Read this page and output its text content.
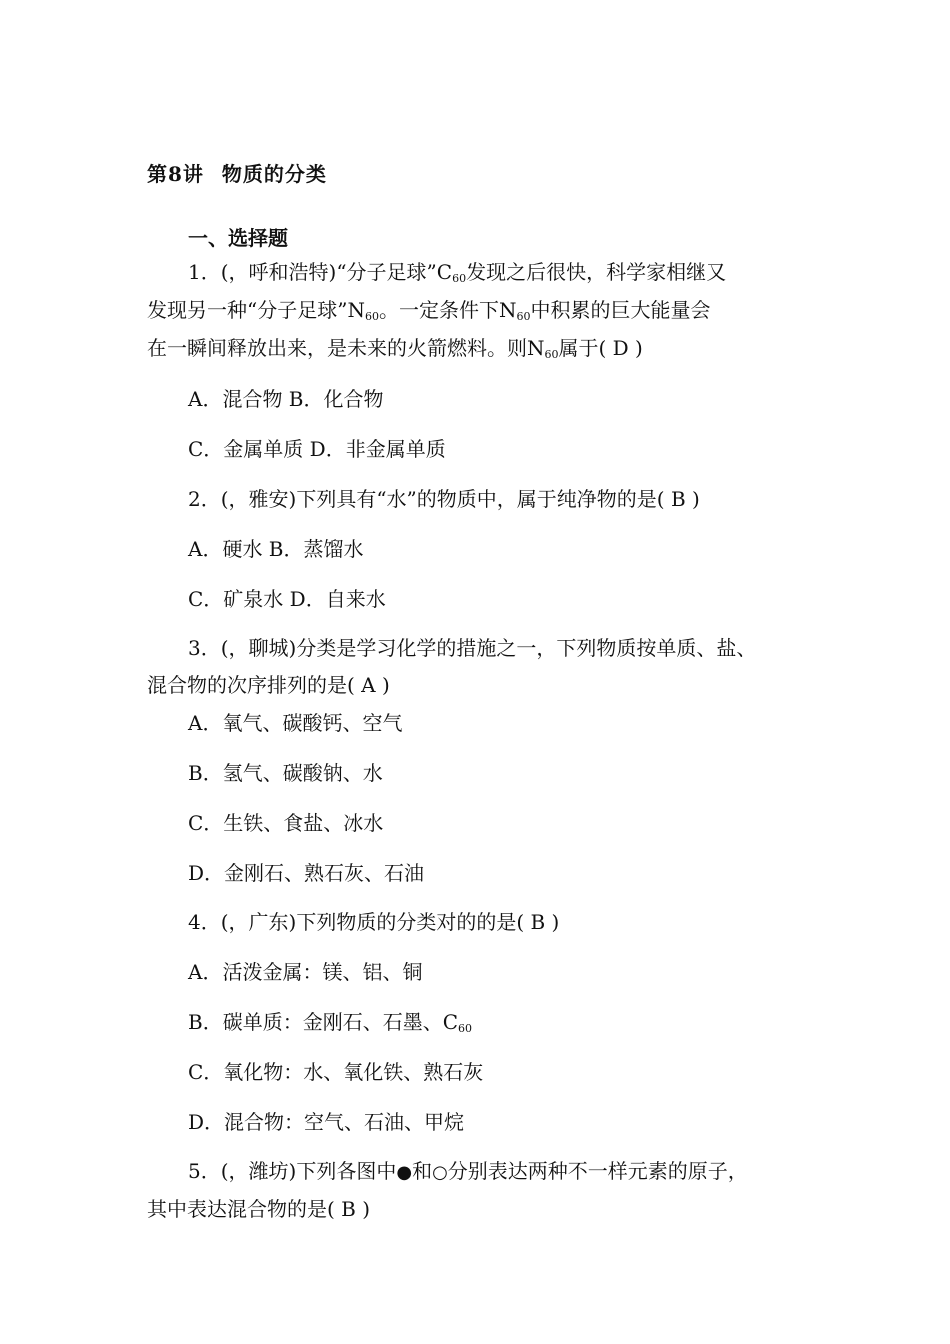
第8讲 物质的分类
一、选择题
1．(，呼和浩特)“分子足球$”C_{60}$发现之后很快，科学家相继又
发现另一种“分子足球$”N_{60}$。一定条件下$N_{60}$中积累的巨大能量会
在一瞬间释放出来，是未来的火箭燃料。则$N_{60}$属于( D )
A．混合物 B．化合物
C．金属单质 D．非金属单质
2．(，雅安)下列具有“水”的物质中，属于纯净物的是( B )
A．硬水 B．蒸馏水
C．矿泉水 D．自来水
3．(，聊城)分类是学习化学的措施之一，下列物质按单质、盐、
混合物的次序排列的是( A )
A．氧气、碳酸钙、空气
B．氢气、碳酸钠、水
C．生铁、食盐、冰水
D．金刚石、熟石灰、石油
4．(，广东)下列物质的分类对的的是( B )
A．活泼金属：镁、铝、铜
B．碳单质：金刚石、石墨、$C_{60}$
C．氧化物：水、氧化铁、熟石灰
D．混合物：空气、石油、甲烷
5．(，潍坊)下列各图中●和○分别表达两种不一样元素的原子，
其中表达混合物的是( B )
